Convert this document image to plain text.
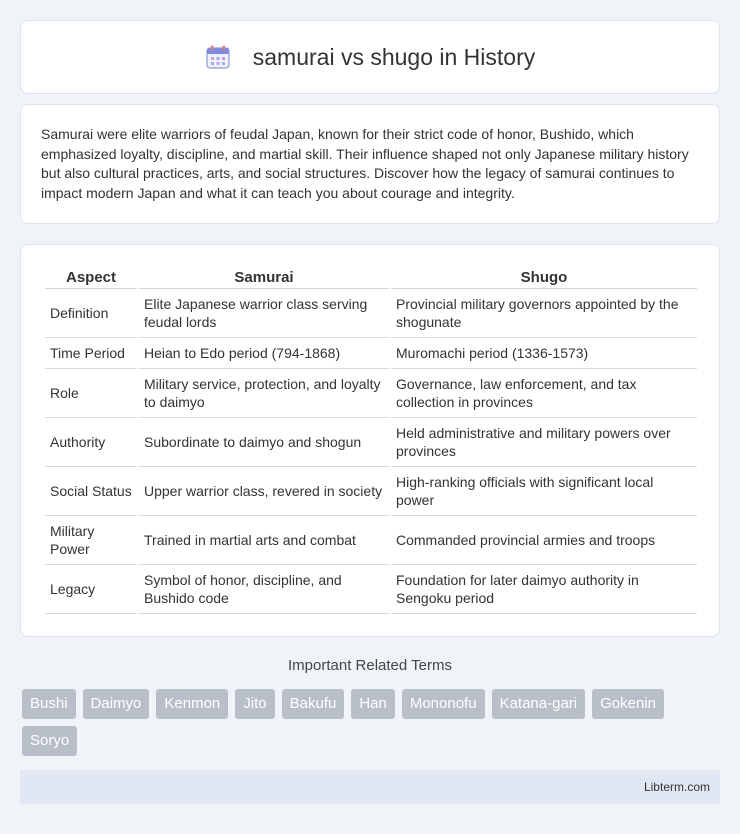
samurai vs shugo in History

Samurai were elite warriors of feudal Japan, known for their strict code of honor, Bushido, which emphasized loyalty, discipline, and martial skill. Their influence shaped not only Japanese military history but also cultural practices, arts, and social structures. Discover how the legacy of samurai continues to impact modern Japan and what it can teach you about courage and integrity.

Aspect	Samurai	Shugo
Definition	Elite Japanese warrior class serving feudal lords	Provincial military governors appointed by the shogunate
Time Period	Heian to Edo period (794-1868)	Muromachi period (1336-1573)
Role	Military service, protection, and loyalty to daimyo	Governance, law enforcement, and tax collection in provinces
Authority	Subordinate to daimyo and shogun	Held administrative and military powers over provinces
Social Status	Upper warrior class, revered in society	High-ranking officials with significant local power
Military Power	Trained in martial arts and combat	Commanded provincial armies and troops
Legacy	Symbol of honor, discipline, and Bushido code	Foundation for later daimyo authority in Sengoku period
Important Related Terms
Bushi	Daimyo	Kenmon	Jito	Bakufu	Han	Mononofu	Katana-gari	Gokenin
Soryo
Libterm.com
